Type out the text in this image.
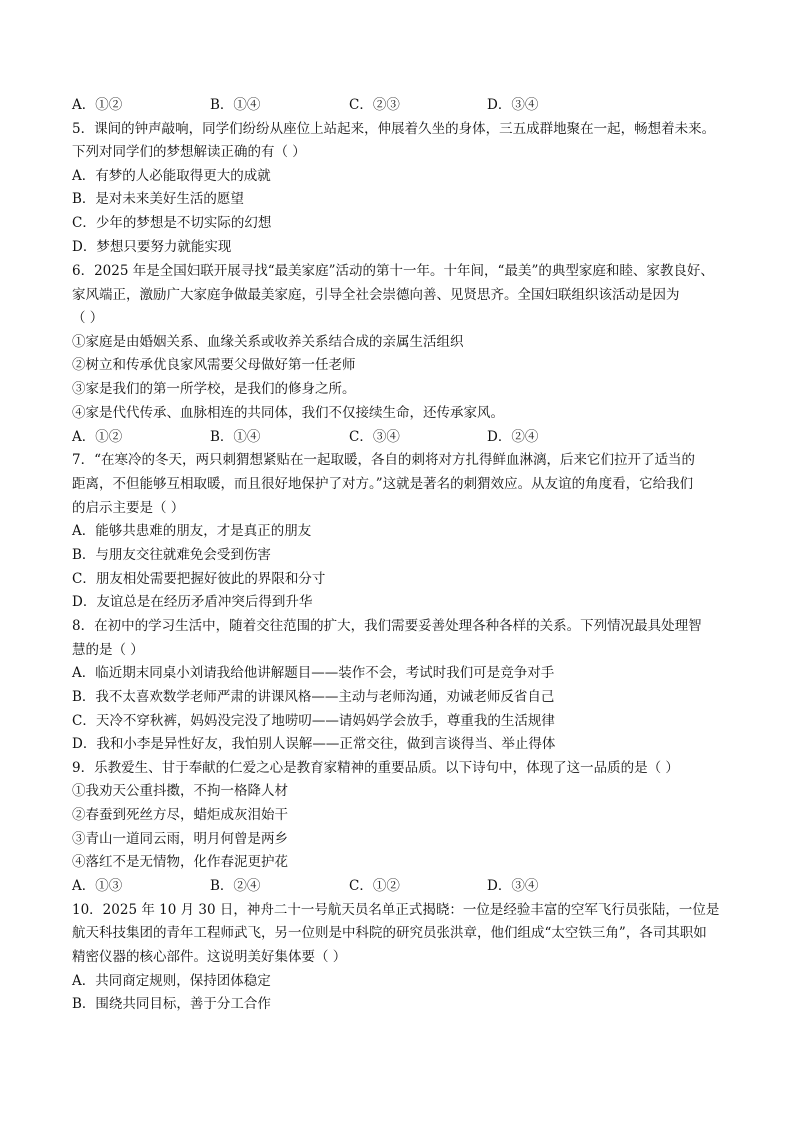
A．①②	B．①④	C．②③	D．③④
5．课间的钟声敲响，同学们纷纷从座位上站起来，伸展着久坐的身体，三五成群地聚在一起，畅想着未来。
下列对同学们的梦想解读正确的有（ ）
A．有梦的人必能取得更大的成就
B．是对未来美好生活的愿望
C．少年的梦想是不切实际的幻想
D．梦想只要努力就能实现
6．2025 年是全国妇联开展寻找“最美家庭”活动的第十一年。十年间，“最美”的典型家庭和睦、家教良好、
家风端正，激励广大家庭争做最美家庭，引导全社会崇德向善、见贤思齐。全国妇联组织该活动是因为
（ ）
①家庭是由婚姻关系、血缘关系或收养关系结合成的亲属生活组织
②树立和传承优良家风需要父母做好第一任老师
③家是我们的第一所学校，是我们的修身之所。
④家是代代传承、血脉相连的共同体，我们不仅接续生命，还传承家风。
A．①②	B．①④	C．③④	D．②④
7．“在寒冷的冬天，两只刺猬想紧贴在一起取暖，各自的刺将对方扎得鲜血淋漓，后来它们拉开了适当的
距离，不但能够互相取暖，而且很好地保护了对方。”这就是著名的刺猬效应。从友谊的角度看，它给我们
的启示主要是（ ）
A．能够共患难的朋友，才是真正的朋友
B．与朋友交往就难免会受到伤害
C．朋友相处需要把握好彼此的界限和分寸
D．友谊总是在经历矛盾冲突后得到升华
8．在初中的学习生活中，随着交往范围的扩大，我们需要妥善处理各种各样的关系。下列情况最具处理智
慧的是（ ）
A．临近期末同桌小刘请我给他讲解题目——装作不会，考试时我们可是竞争对手
B．我不太喜欢数学老师严肃的讲课风格——主动与老师沟通，劝诫老师反省自己
C．天冷不穿秋裤，妈妈没完没了地唠叨——请妈妈学会放手，尊重我的生活规律
D．我和小李是异性好友，我怕别人误解——正常交往，做到言谈得当、举止得体
9．乐教爱生、甘于奉献的仁爱之心是教育家精神的重要品质。以下诗句中，体现了这一品质的是（ ）
①我劝天公重抖擞，不拘一格降人材
②春蚕到死丝方尽，蜡炬成灰泪始干
③青山一道同云雨，明月何曾是两乡
④落红不是无情物，化作春泥更护花
A．①③	B．②④	C．①②	D．③④
10．2025 年 10 月 30 日，神舟二十一号航天员名单正式揭晓：一位是经验丰富的空军飞行员张陆，一位是
航天科技集团的青年工程师武飞，另一位则是中科院的研究员张洪章，他们组成“太空铁三角”，各司其职如
精密仪器的核心部件。这说明美好集体要（ ）
A．共同商定规则，保持团体稳定
B．围绕共同目标，善于分工合作
